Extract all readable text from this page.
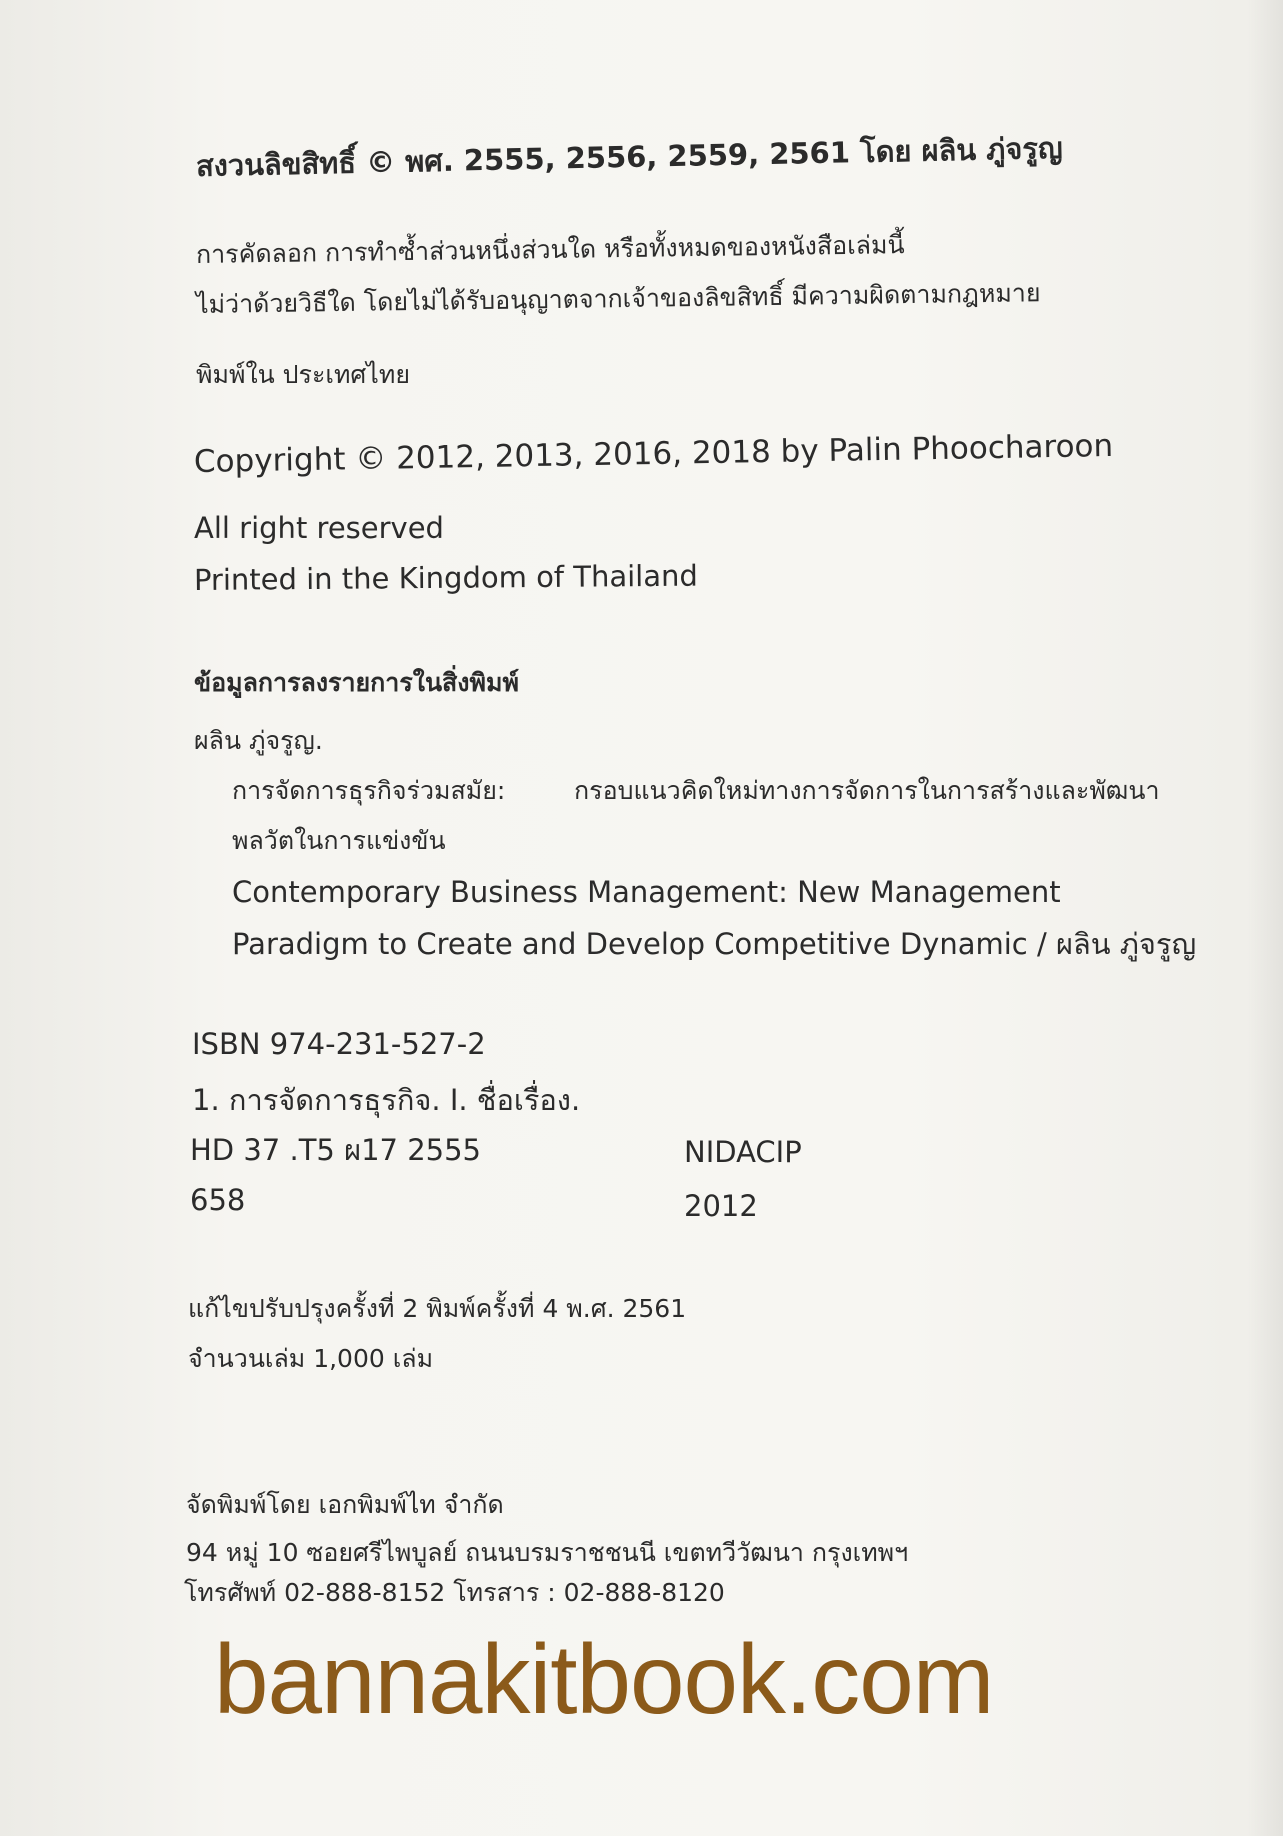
สงวนลิขสิทธิ์ © พศ. 2555, 2556, 2559, 2561 โดย ผลิน ภู่จรูญ
การคัดลอก การทำซ้ำส่วนหนึ่งส่วนใด หรือทั้งหมดของหนังสือเล่มนี้
ไม่ว่าด้วยวิธีใด โดยไม่ได้รับอนุญาตจากเจ้าของลิขสิทธิ์ มีความผิดตามกฎหมาย
พิมพ์ใน ประเทศไทย
Copyright © 2012, 2013, 2016, 2018 by Palin Phoocharoon
All right reserved
Printed in the Kingdom of Thailand
ข้อมูลการลงรายการในสิ่งพิมพ์
ผลิน ภู่จรูญ.
การจัดการธุรกิจร่วมสมัย:	กรอบแนวคิดใหม่ทางการจัดการในการสร้างและพัฒนา
พลวัตในการแข่งขัน
Contemporary Business Management: New Management
Paradigm to Create and Develop Competitive Dynamic / ผลิน ภู่จรูญ
ISBN 974-231-527-2
1. การจัดการธุรกิจ. I. ชื่อเรื่อง.
HD 37 .T5 ผ17 2555
658
NIDACIP
2012
แก้ไขปรับปรุงครั้งที่ 2 พิมพ์ครั้งที่ 4 พ.ศ. 2561
จำนวนเล่ม 1,000 เล่ม
จัดพิมพ์โดย เอกพิมพ์ไท จำกัด
94 หมู่ 10 ซอยศรีไพบูลย์ ถนนบรมราชชนนี เขตทวีวัฒนา กรุงเทพฯ
โทรศัพท์ 02-888-8152 โทรสาร : 02-888-8120
bannakitbook.com
